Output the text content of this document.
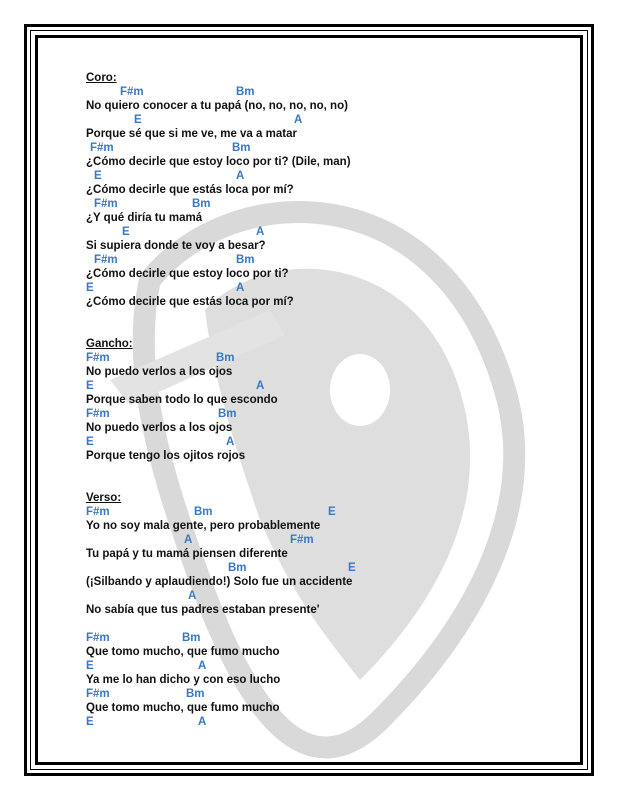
Coro:
F#m	Bm
No quiero conocer a tu papá (no, no, no, no, no)
E	A
Porque sé que si me ve, me va a matar
F#m	Bm
¿Cómo decirle que estoy loco por ti? (Dile, man)
E	A
¿Cómo decirle que estás loca por mí?
F#m	Bm
¿Y qué diría tu mamá
E	A
Si supiera donde te voy a besar?
F#m	Bm
¿Cómo decirle que estoy loco por ti?
E	A
¿Cómo decirle que estás loca por mí?
Gancho:
F#m	Bm
No puedo verlos a los ojos
E	A
Porque saben todo lo que escondo
F#m	Bm
No puedo verlos a los ojos
E	A
Porque tengo los ojitos rojos
Verso:
F#m	Bm	E
Yo no soy mala gente, pero probablemente
A	F#m
Tu papá y tu mamá piensen diferente
Bm	E
(¡Silbando y aplaudiendo!) Solo fue un accidente
A
No sabía que tus padres estaban presente'
F#m	Bm
Que tomo mucho, que fumo mucho
E	A
Ya me lo han dicho y con eso lucho
F#m	Bm
Que tomo mucho, que fumo mucho
E	A
